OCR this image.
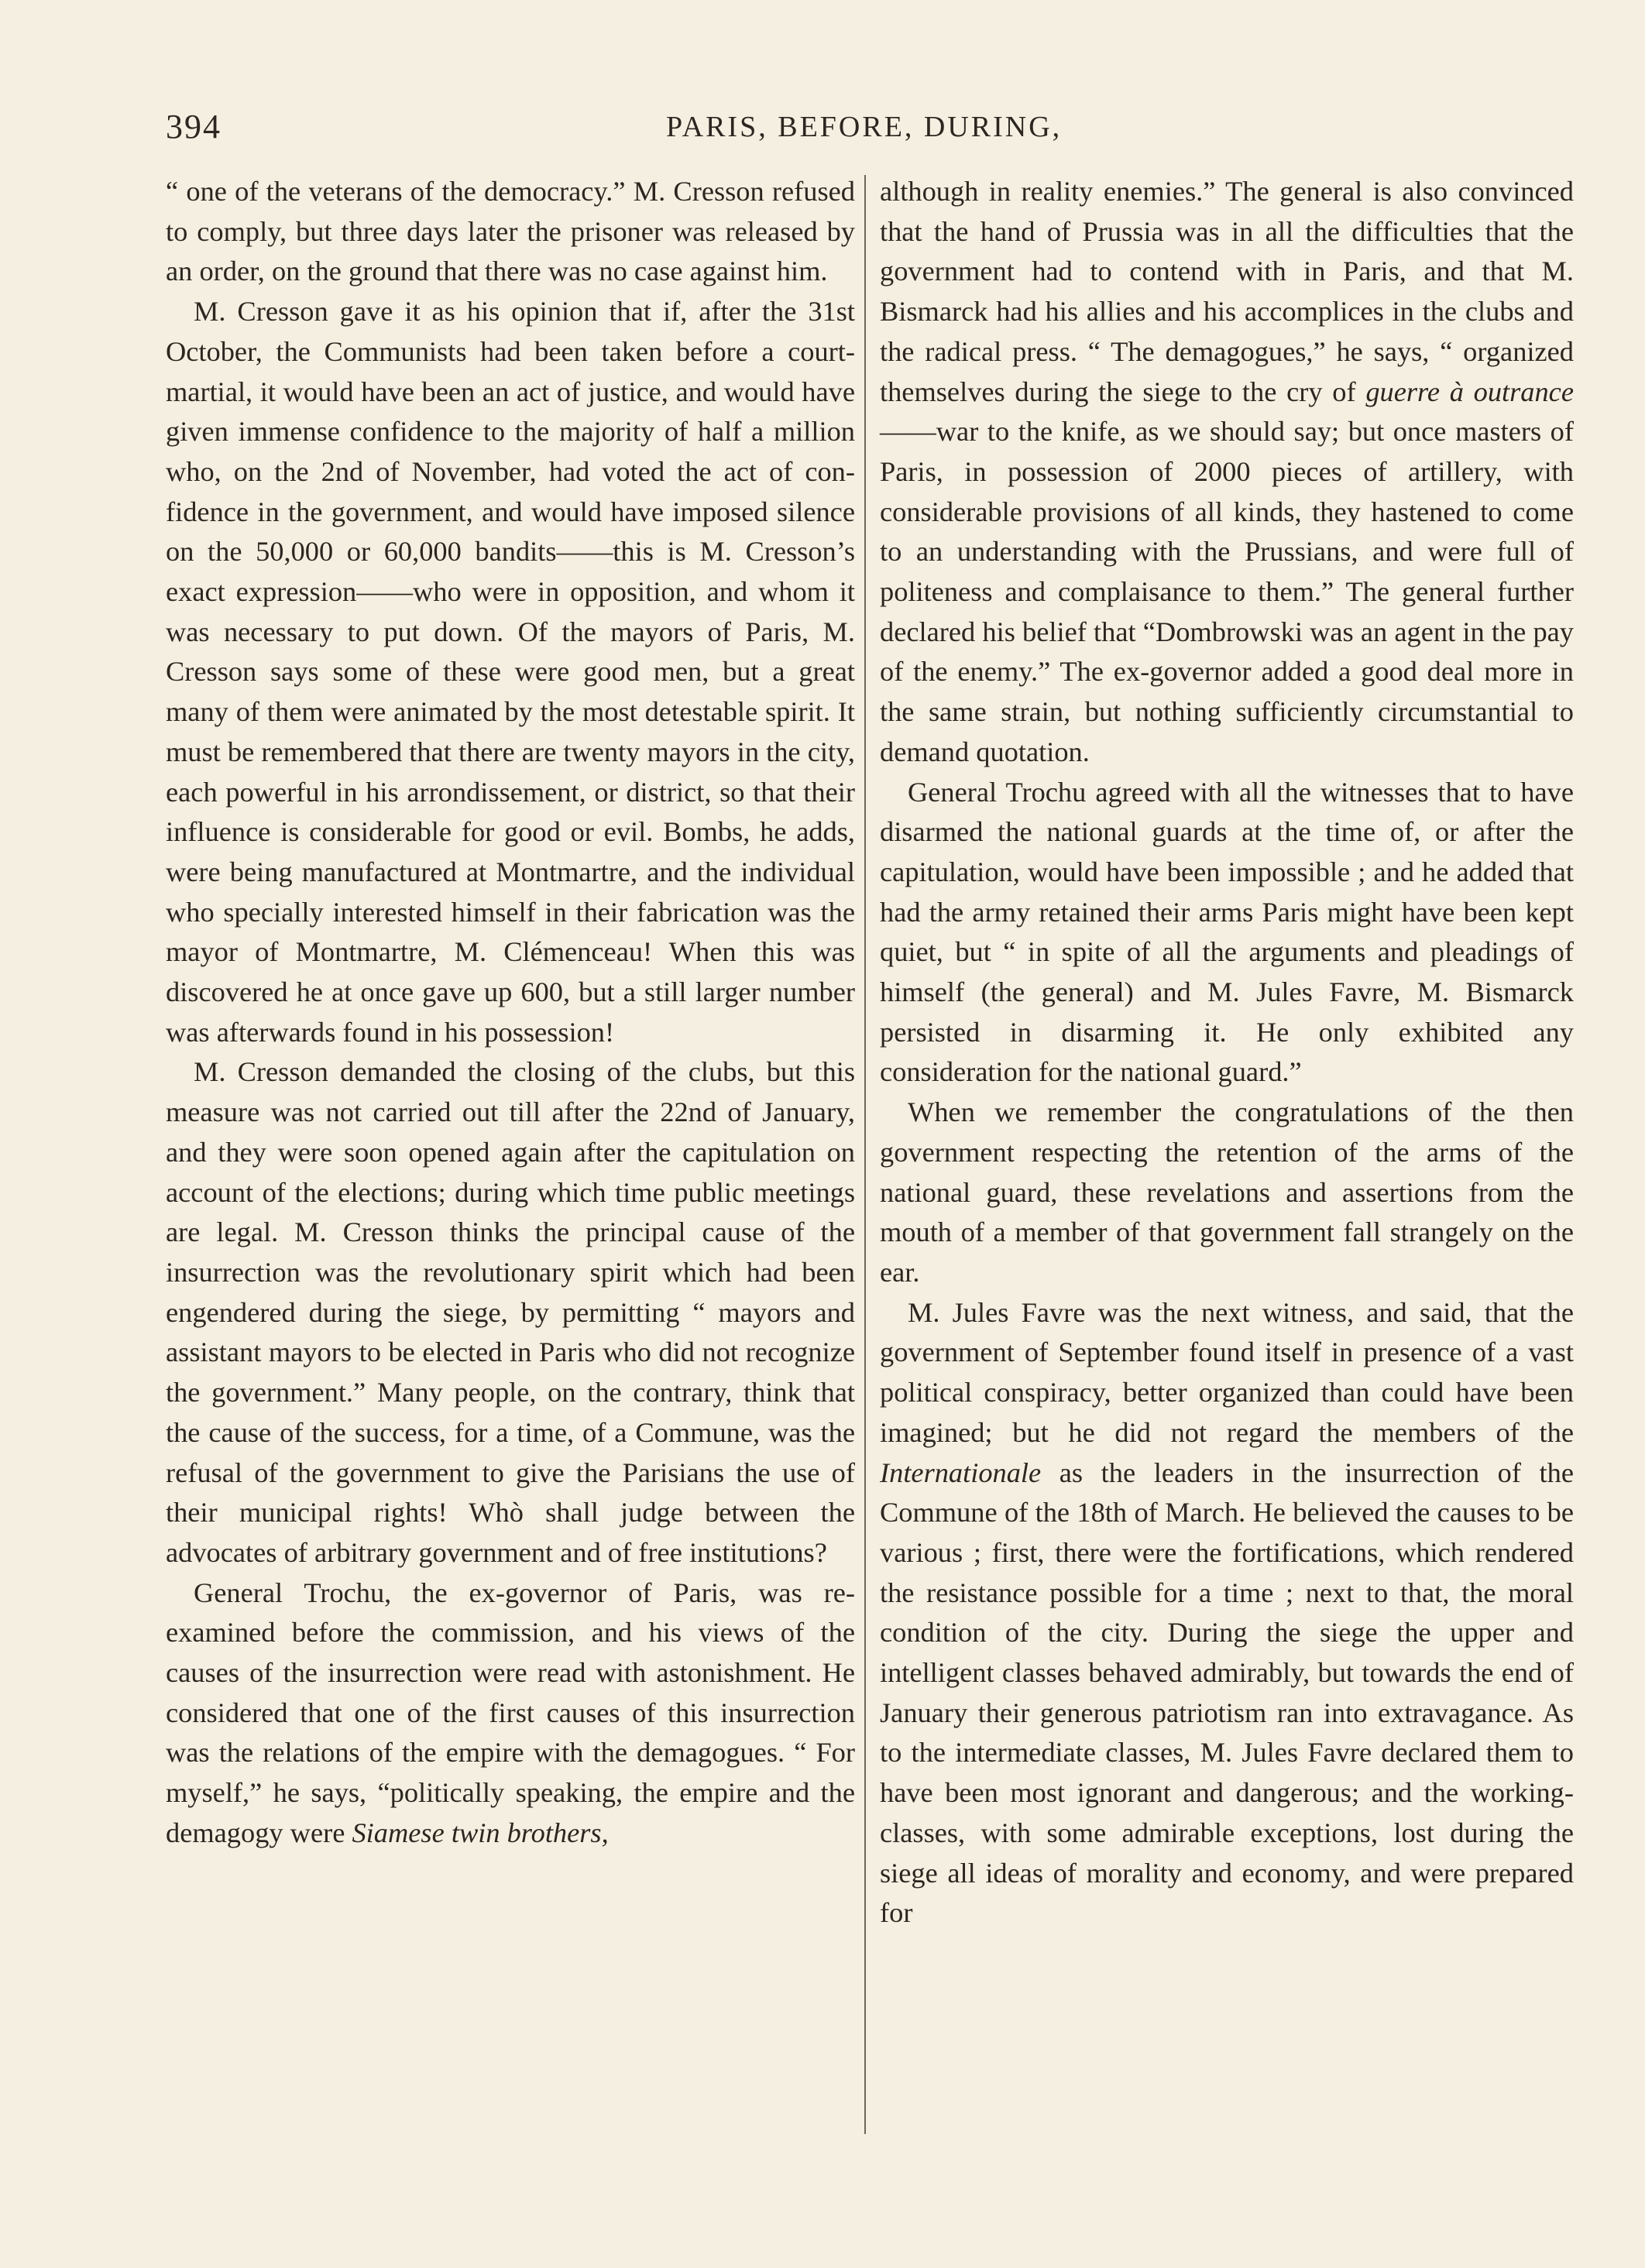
394	PARIS, BEFORE, DURING,

“ one of the veterans of the democracy.” M. Cresson refused to comply, but three days later the prisoner was released by an order, on the ground that there was no case against him.

M. Cresson gave it as his opinion that if, after the 31st October, the Communists had been taken before a court-martial, it would have been an act of justice, and would have given immense confidence to the majority of half a million who, on the 2nd of November, had voted the act of confidence in the government, and would have imposed silence on the 50,000 or 60,000 bandits——this is M. Cresson’s exact expression——who were in opposition, and whom it was necessary to put down. Of the mayors of Paris, M. Cresson says some of these were good men, but a great many of them were animated by the most detestable spirit. It must be remembered that there are twenty mayors in the city, each powerful in his arrondissement, or district, so that their influence is considerable for good or evil. Bombs, he adds, were being manufactured at Montmartre, and the individual who specially interested himself in their fabrication was the mayor of Montmartre, M. Clémenceau! When this was discovered he at once gave up 600, but a still larger number was afterwards found in his possession!

M. Cresson demanded the closing of the clubs, but this measure was not carried out till after the 22nd of January, and they were soon opened again after the capitulation on account of the elections; during which time public meetings are legal. M. Cresson thinks the principal cause of the insurrection was the revolutionary spirit which had been engendered during the siege, by permitting “ mayors and assistant mayors to be elected in Paris who did not recognize the government.” Many people, on the contrary, think that the cause of the success, for a time, of a Commune, was the refusal of the government to give the Parisians the use of their municipal rights! Whò shall judge between the advocates of arbitrary government and of free institutions?

General Trochu, the ex-governor of Paris, was re-examined before the commission, and his views of the causes of the insurrection were read with astonishment. He considered that one of the first causes of this insurrection was the relations of the empire with the demagogues. “ For myself,” he says, “politically speaking, the empire and the demagogy were Siamese twin brothers,

although in reality enemies.” The general is also convinced that the hand of Prussia was in all the difficulties that the government had to contend with in Paris, and that M. Bismarck had his allies and his accomplices in the clubs and the radical press. “ The demagogues,” he says, “ organized themselves during the siege to the cry of guerre à outrance——war to the knife, as we should say; but once masters of Paris, in possession of 2000 pieces of artillery, with considerable provisions of all kinds, they hastened to come to an understanding with the Prussians, and were full of politeness and complaisance to them.” The general further declared his belief that “Dombrowski was an agent in the pay of the enemy.” The ex-governor added a good deal more in the same strain, but nothing sufficiently circumstantial to demand quotation.

General Trochu agreed with all the witnesses that to have disarmed the national guards at the time of, or after the capitulation, would have been impossible ; and he added that had the army retained their arms Paris might have been kept quiet, but “ in spite of all the arguments and pleadings of himself (the general) and M. Jules Favre, M. Bismarck persisted in disarming it. He only exhibited any consideration for the national guard.”

When we remember the congratulations of the then government respecting the retention of the arms of the national guard, these revelations and assertions from the mouth of a member of that government fall strangely on the ear.

M. Jules Favre was the next witness, and said, that the government of September found itself in presence of a vast political conspiracy, better organized than could have been imagined; but he did not regard the members of the Internationale as the leaders in the insurrection of the Commune of the 18th of March. He believed the causes to be various ; first, there were the fortifications, which rendered the resistance possible for a time ; next to that, the moral condition of the city. During the siege the upper and intelligent classes behaved admirably, but towards the end of January their generous patriotism ran into extravagance. As to the intermediate classes, M. Jules Favre declared them to have been most ignorant and dangerous; and the working-classes, with some admirable exceptions, lost during the siege all ideas of morality and economy, and were prepared for
